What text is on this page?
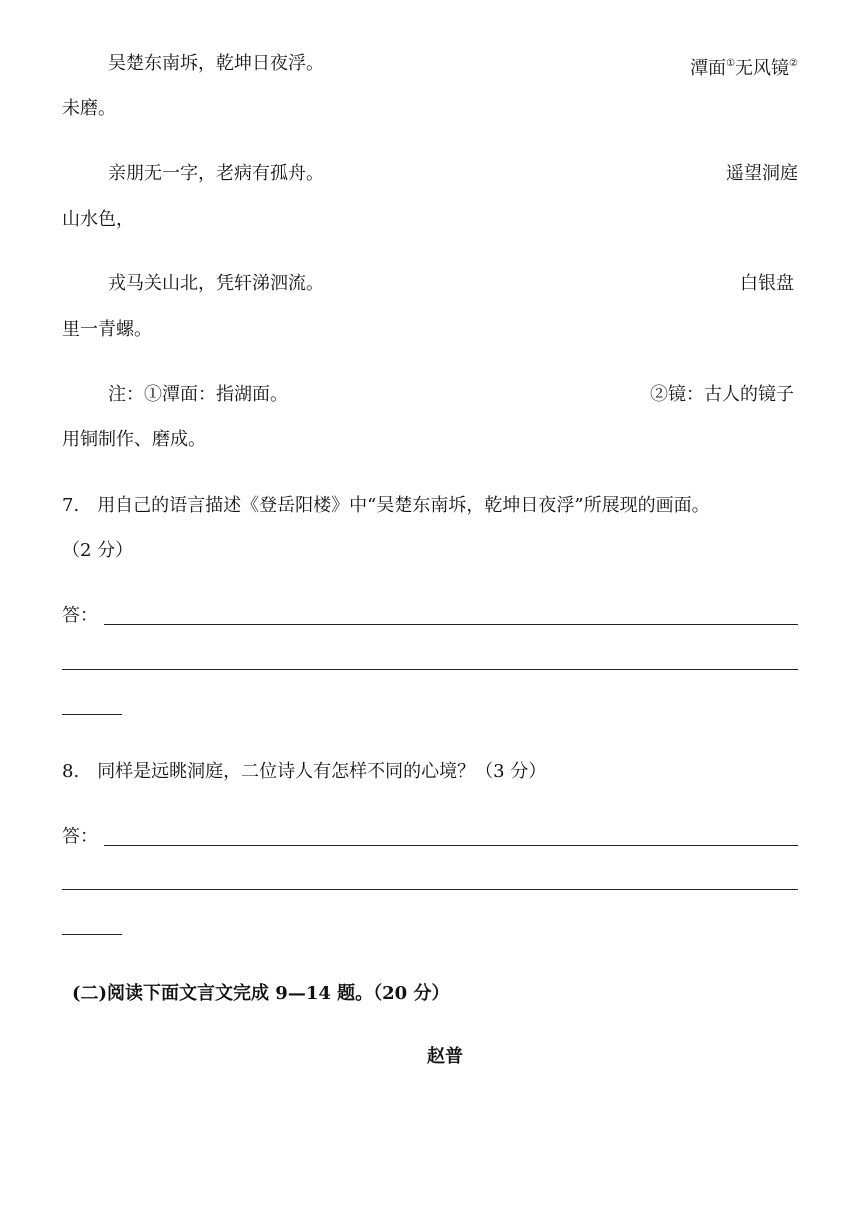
吴楚东南坼，乾坤日夜浮。	潭面①无风镜②
未磨。
亲朋无一字，老病有孤舟。	遥望洞庭
山水色，
戎马关山北，凭轩涕泗流。	白银盘
里一青螺。
注：①潭面：指湖面。	②镜：古人的镜子
用铜制作、磨成。
7. 用自己的语言描述《登岳阳楼》中“吴楚东南坼，乾坤日夜浮”所展现的画面。
（2 分）
答：
8. 同样是远眺洞庭，二位诗人有怎样不同的心境？（3 分）
答：
(二)阅读下面文言文完成 9—14 题。（20 分）
赵普
